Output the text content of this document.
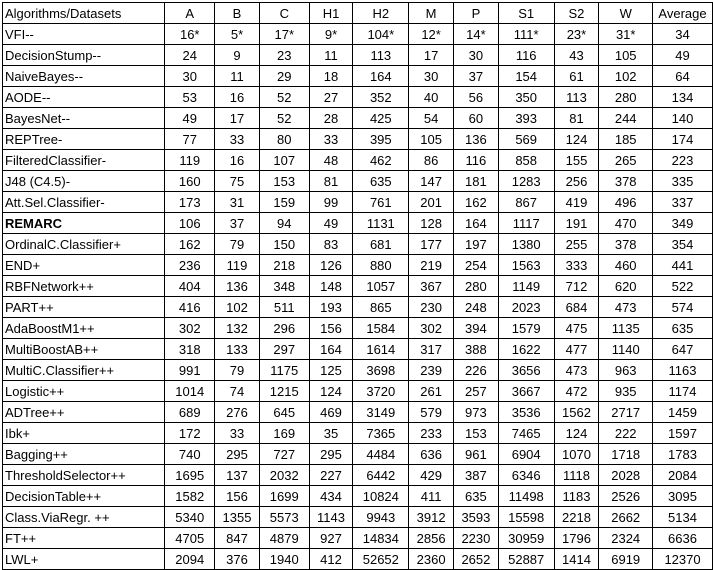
Algorithms/Datasets	A	B	C	H1	H2	M	P	S1	S2	W	Average
VFI--	16*	5*	17*	9*	104*	12*	14*	111*	23*	31*	34
DecisionStump--	24	9	23	11	113	17	30	116	43	105	49
NaiveBayes--	30	11	29	18	164	30	37	154	61	102	64
AODE--	53	16	52	27	352	40	56	350	113	280	134
BayesNet--	49	17	52	28	425	54	60	393	81	244	140
REPTree-	77	33	80	33	395	105	136	569	124	185	174
FilteredClassifier-	119	16	107	48	462	86	116	858	155	265	223
J48 (C4.5)-	160	75	153	81	635	147	181	1283	256	378	335
Att.Sel.Classifier-	173	31	159	99	761	201	162	867	419	496	337
REMARC	106	37	94	49	1131	128	164	1117	191	470	349
OrdinalC.Classifier+	162	79	150	83	681	177	197	1380	255	378	354
END+	236	119	218	126	880	219	254	1563	333	460	441
RBFNetwork++	404	136	348	148	1057	367	280	1149	712	620	522
PART++	416	102	511	193	865	230	248	2023	684	473	574
AdaBoostM1++	302	132	296	156	1584	302	394	1579	475	1135	635
MultiBoostAB++	318	133	297	164	1614	317	388	1622	477	1140	647
MultiC.Classifier++	991	79	1175	125	3698	239	226	3656	473	963	1163
Logistic++	1014	74	1215	124	3720	261	257	3667	472	935	1174
ADTree++	689	276	645	469	3149	579	973	3536	1562	2717	1459
Ibk+	172	33	169	35	7365	233	153	7465	124	222	1597
Bagging++	740	295	727	295	4484	636	961	6904	1070	1718	1783
ThresholdSelector++	1695	137	2032	227	6442	429	387	6346	1118	2028	2084
DecisionTable++	1582	156	1699	434	10824	411	635	11498	1183	2526	3095
Class.ViaRegr. ++	5340	1355	5573	1143	9943	3912	3593	15598	2218	2662	5134
FT++	4705	847	4879	927	14834	2856	2230	30959	1796	2324	6636
LWL+	2094	376	1940	412	52652	2360	2652	52887	1414	6919	12370
